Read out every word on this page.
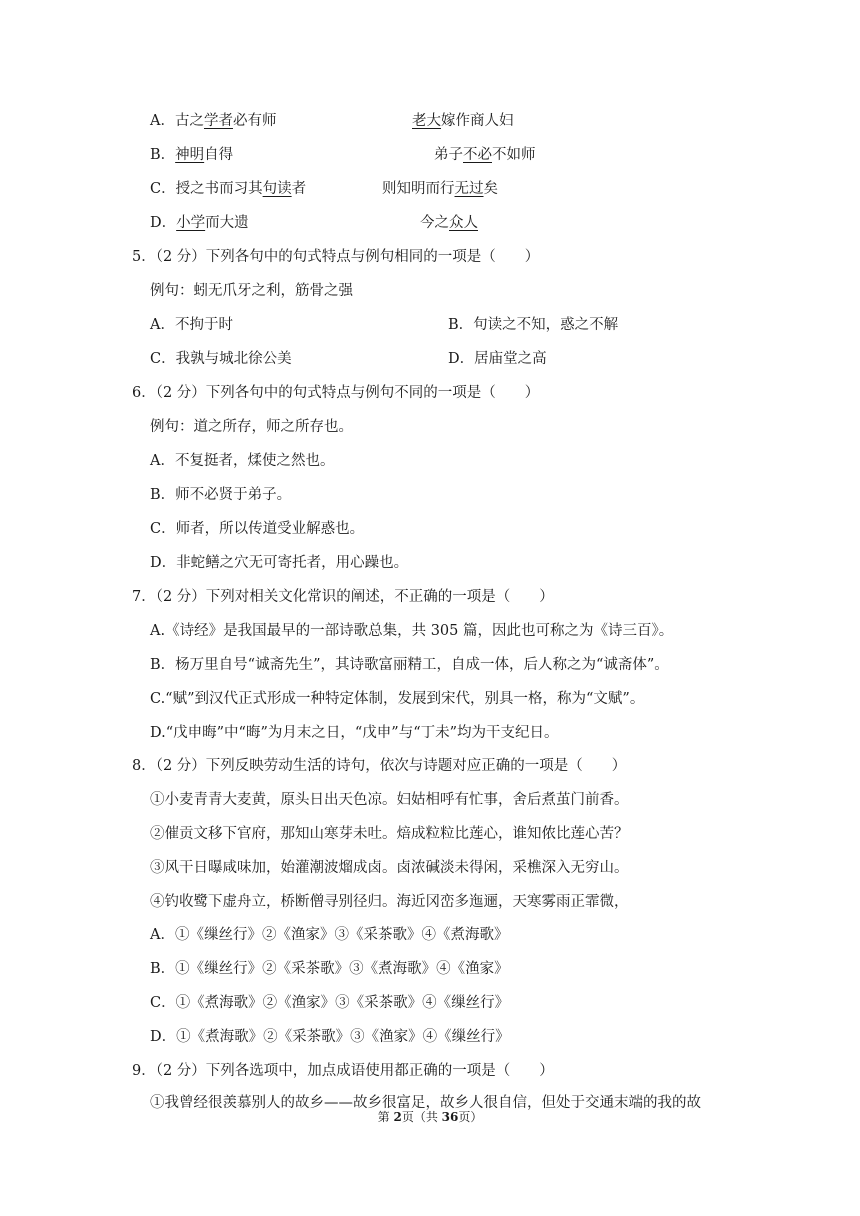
A．古之学者必有师	老大嫁作商人妇
B．神明自得	弟子不必不如师
C．授之书而习其句读者	则知明而行无过矣
D．小学而大遗	今之众人
5．（2 分）下列各句中的句式特点与例句相同的一项是（　　）
例句：蚓无爪牙之利，筋骨之强
A．不拘于时	B．句读之不知，惑之不解
C．我孰与城北徐公美	D．居庙堂之高
6．（2 分）下列各句中的句式特点与例句不同的一项是（　　）
例句：道之所存，师之所存也。
A．不复挺者，煣使之然也。
B．师不必贤于弟子。
C．师者，所以传道受业解惑也。
D．非蛇鳝之穴无可寄托者，用心躁也。
7．（2 分）下列对相关文化常识的阐述，不正确的一项是（　　）
A.《诗经》是我国最早的一部诗歌总集，共 305 篇，因此也可称之为《诗三百》。
B．杨万里自号“诚斋先生”，其诗歌富丽精工，自成一体，后人称之为“诚斋体”。
C.“赋”到汉代正式形成一种特定体制，发展到宋代，别具一格，称为“文赋”。
D.“戊申晦”中“晦”为月末之日，“戊申”与“丁未”均为干支纪日。
8．（2 分）下列反映劳动生活的诗句，依次与诗题对应正确的一项是（　　）
①小麦青青大麦黄，原头日出天色凉。妇姑相呼有忙事，舍后煮茧门前香。
②催贡文移下官府，那知山寒芽未吐。焙成粒粒比莲心，谁知侬比莲心苦？
③风干日曝咸味加，始灌潮波熘成卤。卤浓碱淡未得闲，采樵深入无穷山。
④钓收鹭下虚舟立，桥断僧寻别径归。海近冈峦多迤逦，天寒雾雨正霏微，
A．①《缫丝行》②《渔家》③《采茶歌》④《煮海歌》
B．①《缫丝行》②《采茶歌》③《煮海歌》④《渔家》
C．①《煮海歌》②《渔家》③《采茶歌》④《缫丝行》
D．①《煮海歌》②《采茶歌》③《渔家》④《缫丝行》
9．（2 分）下列各选项中，加点成语使用都正确的一项是（　　）
①我曾经很羡慕别人的故乡——故乡很富足，故乡人很自信，但处于交通末端的我的故
第 2页（共 36页）
